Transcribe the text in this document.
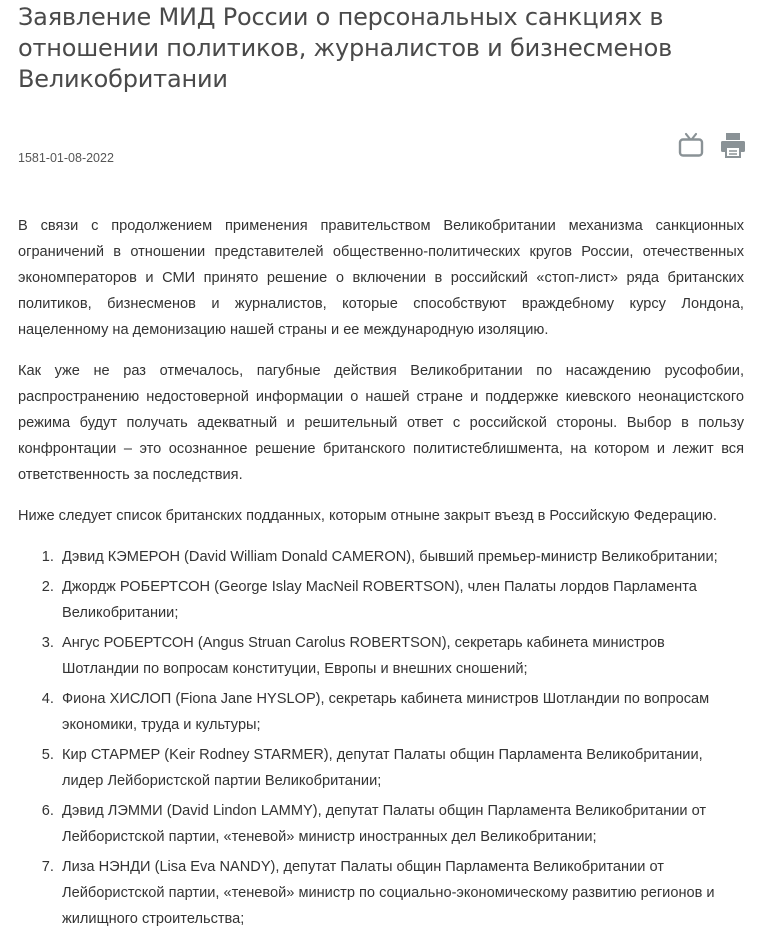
Заявление МИД России о персональных санкциях в отношении политиков, журналистов и бизнесменов Великобритании
1581-01-08-2022

В связи с продолжением применения правительством Великобритании механизма санкционных ограничений в отношении представителей общественно-политических кругов России, отечественных экономператоров и СМИ принято решение о включении в российский «стоп-лист» ряда британских политиков, бизнесменов и журналистов, которые способствуют враждебному курсу Лондона, нацеленному на демонизацию нашей страны и ее международную изоляцию.

Как уже не раз отмечалось, пагубные действия Великобритании по насаждению русофобии, распространению недостоверной информации о нашей стране и поддержке киевского неонацистского режима будут получать адекватный и решительный ответ с российской стороны. Выбор в пользу конфронтации – это осознанное решение британского политистеблишмента, на котором и лежит вся ответственность за последствия.

Ниже следует список британских подданных, которым отныне закрыт въезд в Российскую Федерацию.

1. Дэвид КЭМЕРОН (David William Donald CAMERON), бывший премьер-министр Великобритании;
2. Джордж РОБЕРТСОН (George Islay MacNeil ROBERTSON), член Палаты лордов Парламента Великобритании;
3. Ангус РОБЕРТСОН (Angus Struan Carolus ROBERTSON), секретарь кабинета министров Шотландии по вопросам конституции, Европы и внешних сношений;
4. Фиона ХИСЛОП (Fiona Jane HYSLOP), секретарь кабинета министров Шотландии по вопросам экономики, труда и культуры;
5. Кир СТАРМЕР (Keir Rodney STARMER), депутат Палаты общин Парламента Великобритании, лидер Лейбористской партии Великобритании;
6. Дэвид ЛЭММИ (David Lindon LAMMY), депутат Палаты общин Парламента Великобритании от Лейбористской партии, «теневой» министр иностранных дел Великобритании;
7. Лиза НЭНДИ (Lisa Eva NANDY), депутат Палаты общин Парламента Великобритании от Лейбористской партии, «теневой» министр по социально-экономическому развитию регионов и жилищного строительства;
